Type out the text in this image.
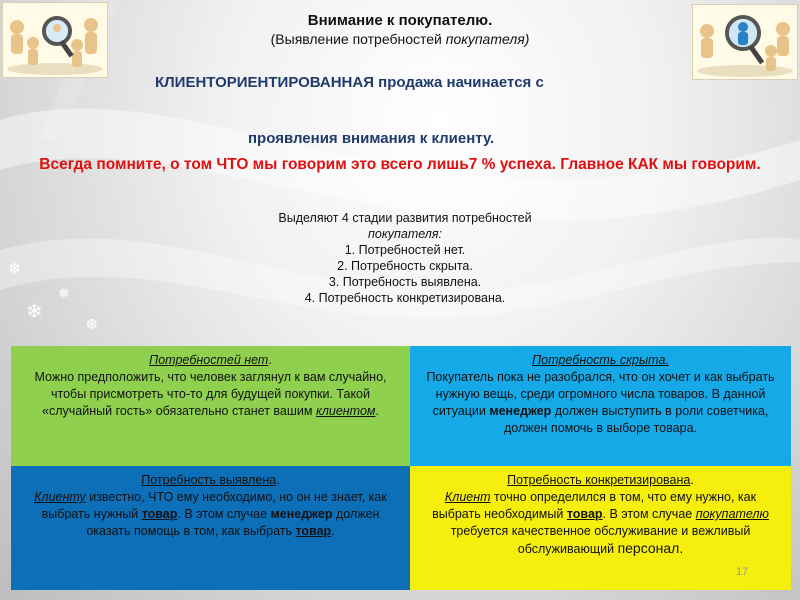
❄
❅
❄
❆
Внимание к покупателю.
(Выявление потребностей покупателя)
КЛИЕНТОРИЕНТИРОВАННАЯ продажа начинается с
проявления внимания к клиенту.
Всегда помните, о том ЧТО мы говорим это всего лишь7 % успеха. Главное КАК мы говорим.
Выделяют 4 стадии развития потребностей
покупателя:
1. Потребностей нет.
2. Потребность скрыта.
3. Потребность выявлена.
4. Потребность конкретизирована.
Потребностей нет.
Можно предположить, что человек заглянул к вам случайно, чтобы присмотреть что-то для будущей покупки. Такой «случайный гость» обязательно станет вашим клиентом.
Потребность скрыта.
Покупатель пока не разобрался, что он хочет и как выбрать нужную вещь, среди огромного числа товаров. В данной ситуации менеджер должен выступить в роли советчика, должен помочь в выборе товара.
Потребность выявлена.
Клиенту известно, ЧТО ему необходимо, но он не знает, как выбрать нужный товар. В этом случае менеджер должен оказать помощь в том, как выбрать товар.
Потребность конкретизирована.
Клиент точно определился в том, что ему нужно, как выбрать необходимый товар. В этом случае покупателю требуется качественное обслуживание и вежливый обслуживающий персонал.
17
